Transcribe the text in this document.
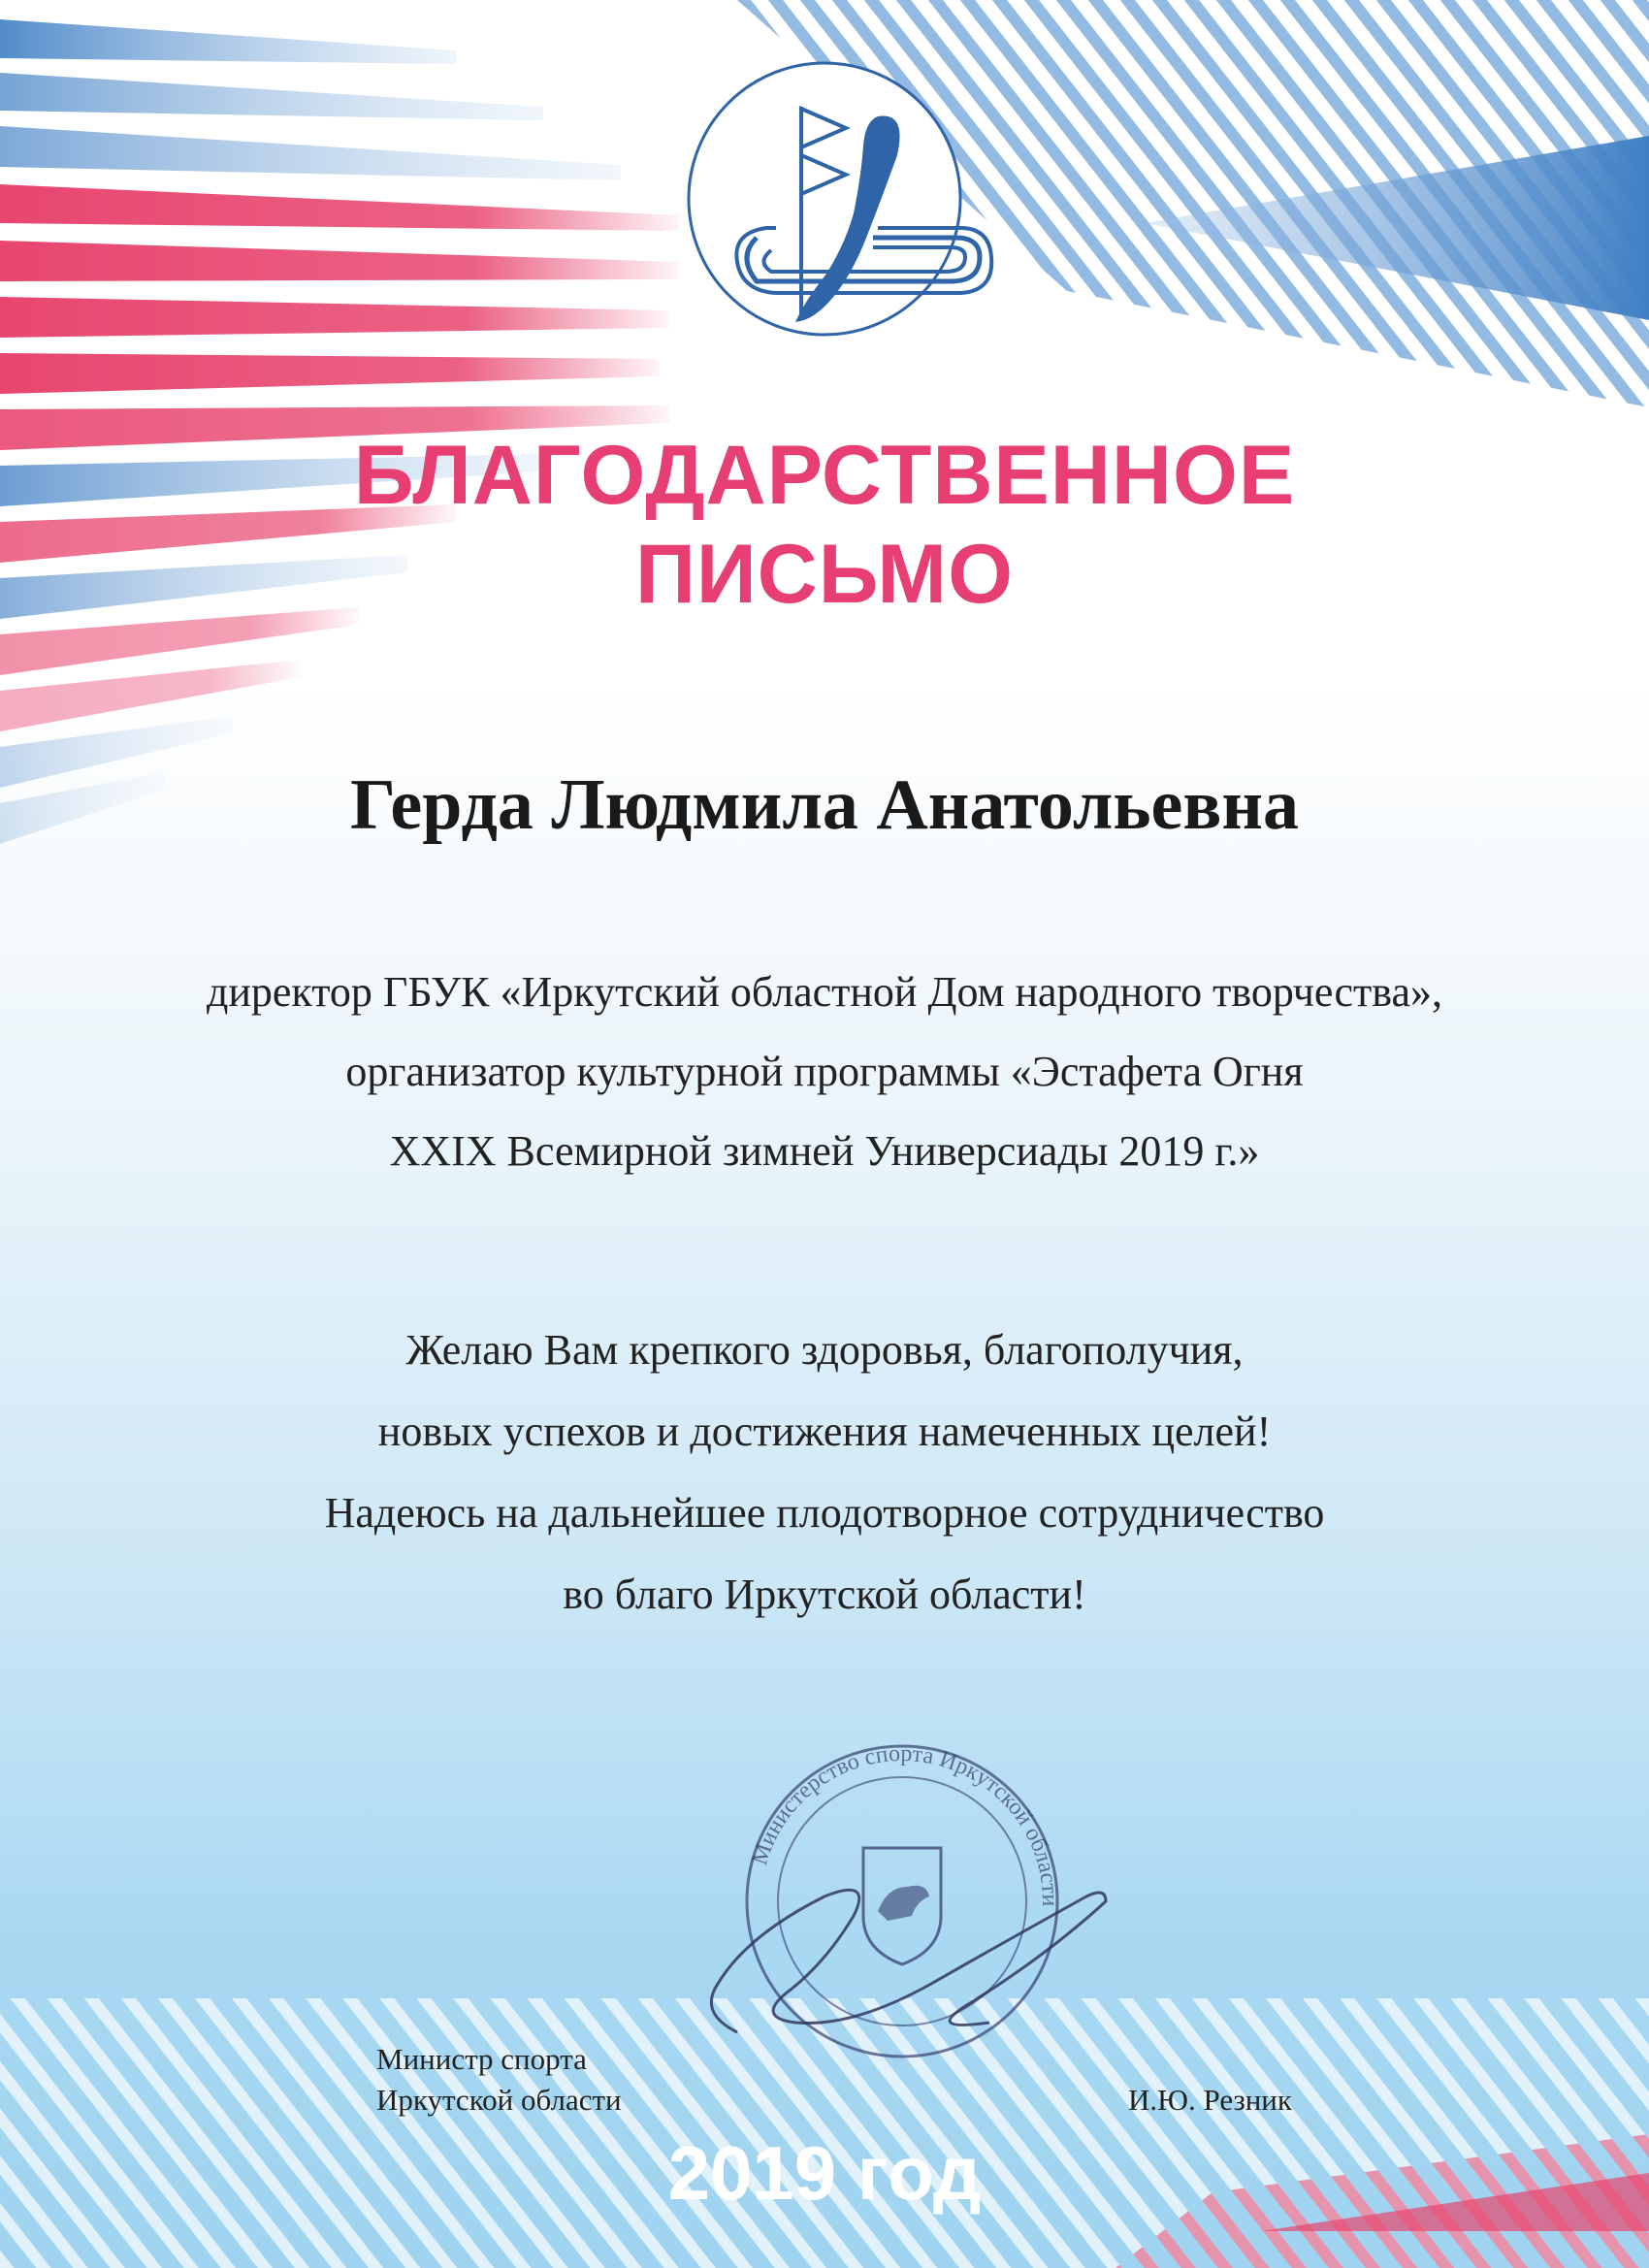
БЛАГОДАРСТВЕННОЕ
ПИСЬМО
Герда Людмила Анатольевна
директор ГБУК «Иркутский областной Дом народного творчества»,
организатор культурной программы «Эстафета Огня
XXIX Всемирной зимней Универсиады 2019 г.»
Желаю Вам крепкого здоровья, благополучия,
новых успехов и достижения намеченных целей!
Надеюсь на дальнейшее плодотворное сотрудничество
во благо Иркутской области!
Министр спорта
Иркутской области	И.Ю. Резник
Министерство спорта Иркутской области
2019 год
